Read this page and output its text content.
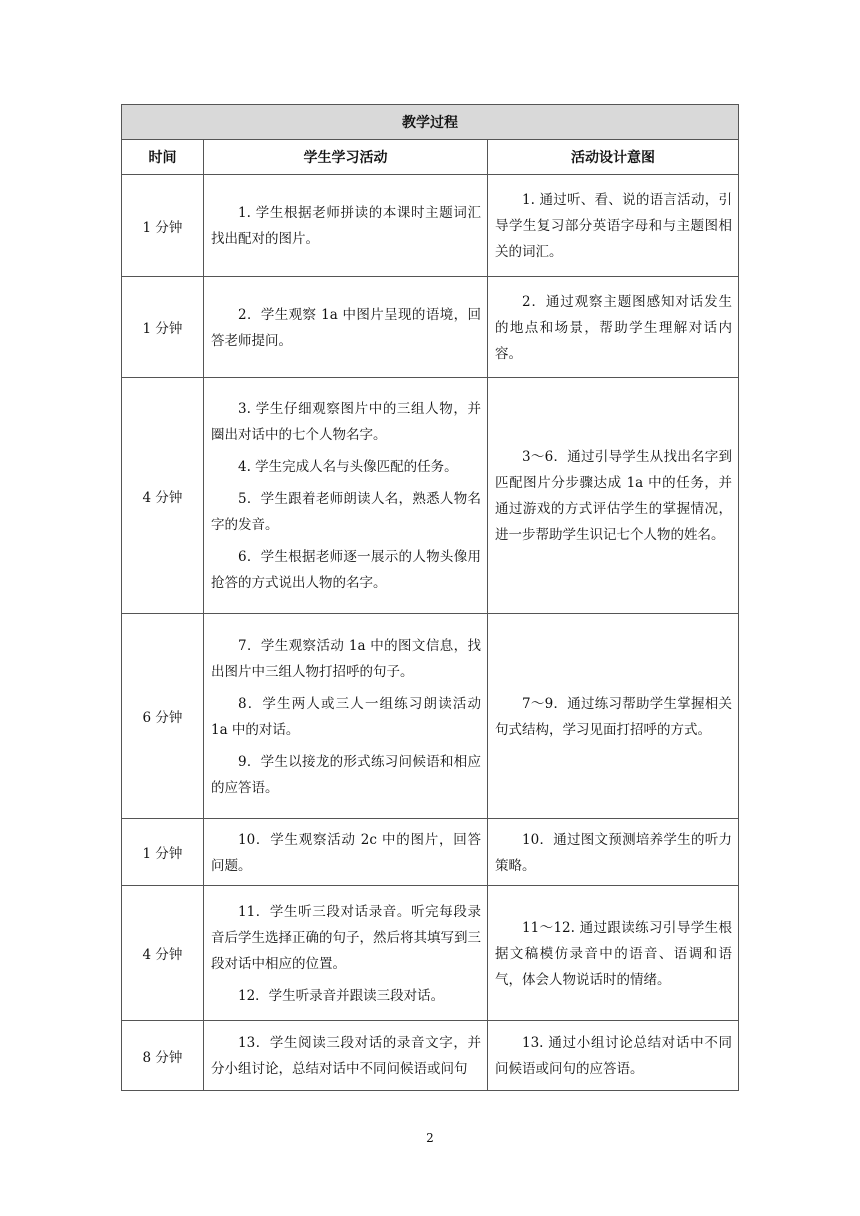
教学过程		
时间	学生学习活动	活动设计意图
1 分钟	1. 学生根据老师拼读的本课时主题词汇找出配对的图片。	1. 通过听、看、说的语言活动，引导学生复习部分英语字母和与主题图相关的词汇。

1 分钟	2．学生观察 1a 中图片呈现的语境，回答老师提问。	2．通过观察主题图感知对话发生的地点和场景，帮助学生理解对话内容。

4 分钟	3. 学生仔细观察图片中的三组人物，并圈出对话中的七个人物名字。

4. 学生完成人名与头像匹配的任务。

5．学生跟着老师朗读人名，熟悉人物名字的发音。

6．学生根据老师逐一展示的人物头像用抢答的方式说出人物的名字。	3～6．通过引导学生从找出名字到匹配图片分步骤达成 1a 中的任务，并通过游戏的方式评估学生的掌握情况，进一步帮助学生识记七个人物的姓名。

6 分钟	7．学生观察活动 1a 中的图文信息，找出图片中三组人物打招呼的句子。

8．学生两人或三人一组练习朗读活动 1a 中的对话。

9．学生以接龙的形式练习问候语和相应的应答语。	7～9．通过练习帮助学生掌握相关句式结构，学习见面打招呼的方式。

1 分钟	10．学生观察活动 2c 中的图片，回答问题。	10．通过图文预测培养学生的听力策略。

4 分钟	11．学生听三段对话录音。听完每段录音后学生选择正确的句子，然后将其填写到三段对话中相应的位置。

12．学生听录音并跟读三段对话。	11～12. 通过跟读练习引导学生根据文稿模仿录音中的语音、语调和语气，体会人物说话时的情绪。

8 分钟	13．学生阅读三段对话的录音文字，并分小组讨论，总结对话中不同问候语或问句	13. 通过小组讨论总结对话中不同问候语或问句的应答语。

2
